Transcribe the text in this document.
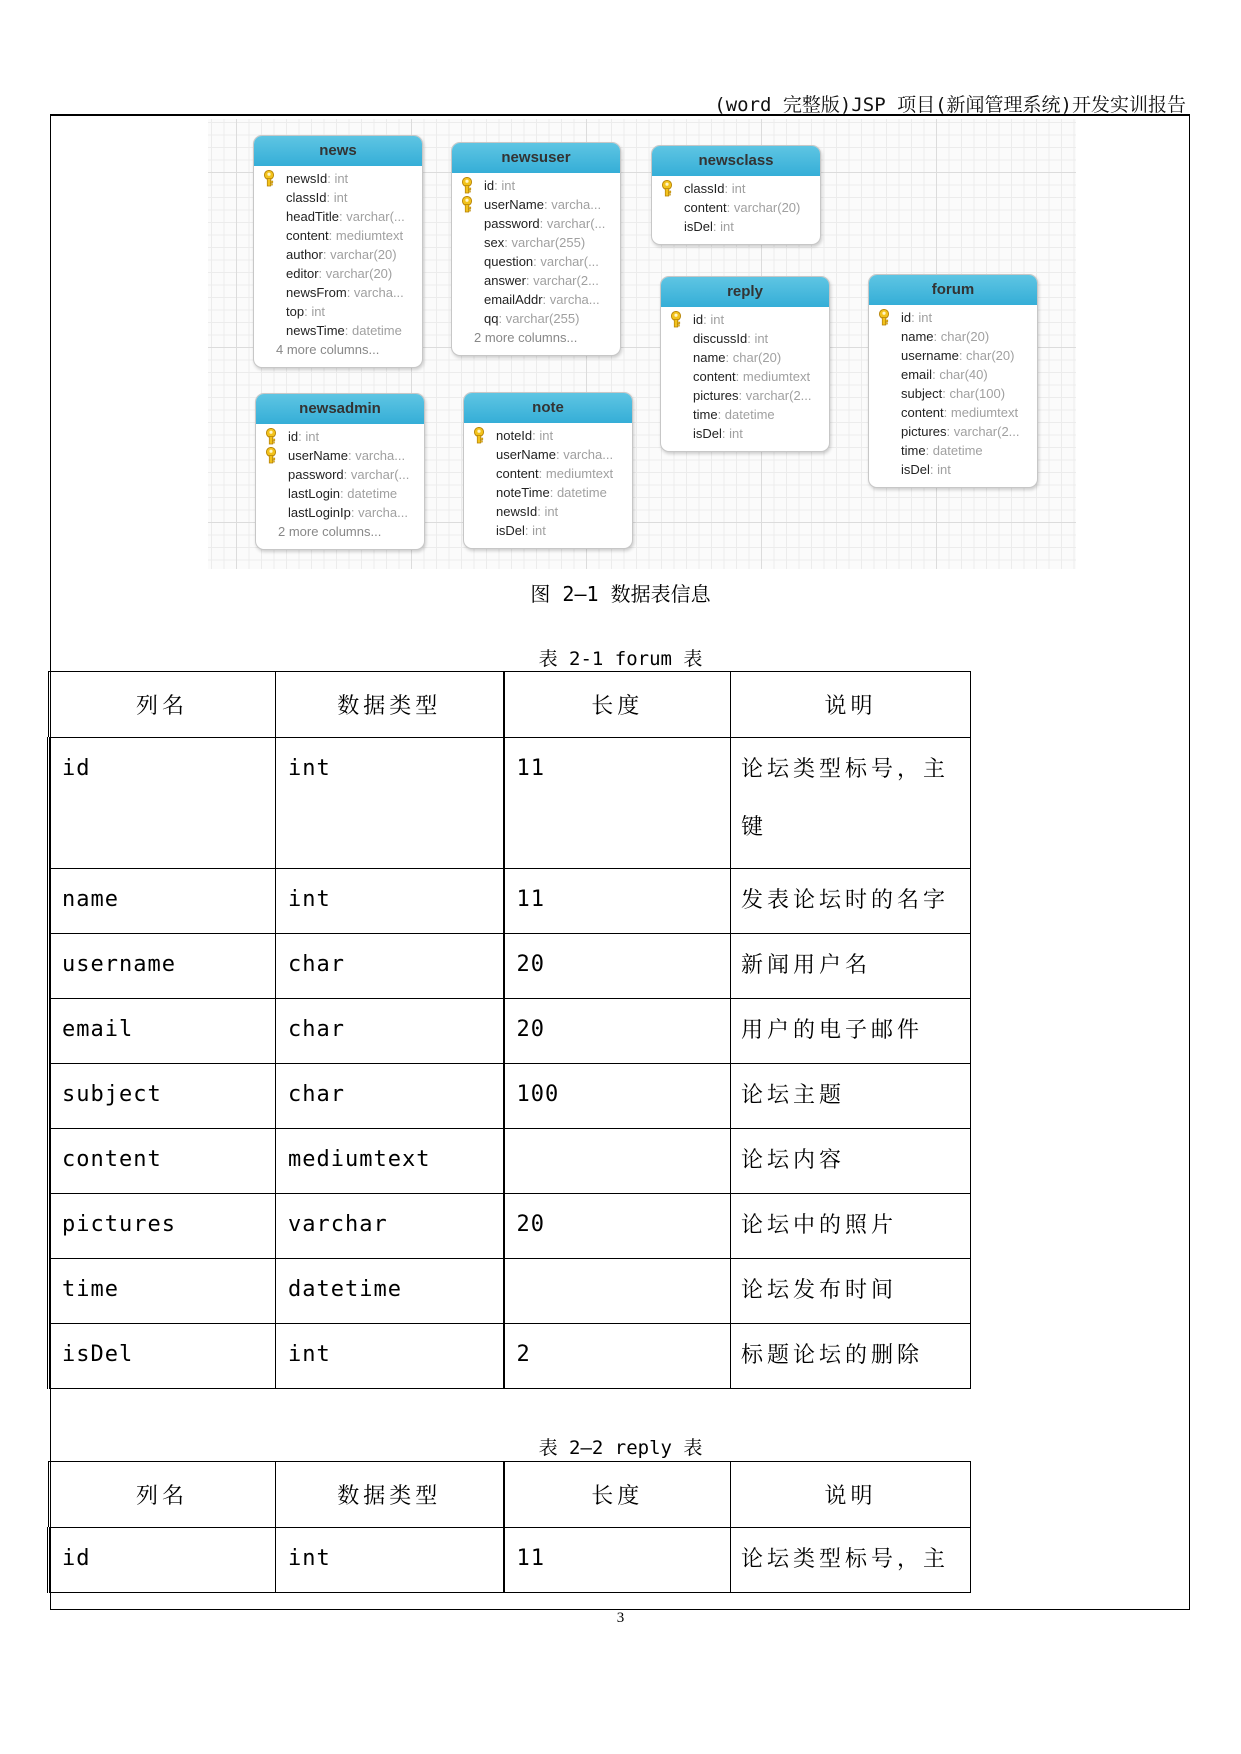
(word 完整版)JSP 项目(新闻管理系统)开发实训报告
news
newsId: int
classId: int
headTitle: varchar(...
content: mediumtext
author: varchar(20)
editor: varchar(20)
newsFrom: varcha...
top: int
newsTime: datetime
4 more columns...
newsuser
id: int
userName: varcha...
password: varchar(...
sex: varchar(255)
question: varchar(...
answer: varchar(2...
emailAddr: varcha...
qq: varchar(255)
2 more columns...
newsclass
classId: int
content: varchar(20)
isDel: int
reply
id: int
discussId: int
name: char(20)
content: mediumtext
pictures: varchar(2...
time: datetime
isDel: int
forum
id: int
name: char(20)
username: char(20)
email: char(40)
subject: char(100)
content: mediumtext
pictures: varchar(2...
time: datetime
isDel: int
newsadmin
id: int
userName: varcha...
password: varchar(...
lastLogin: datetime
lastLoginIp: varcha...
2 more columns...
note
noteId: int
userName: varcha...
content: mediumtext
noteTime: datetime
newsId: int
isDel: int
图 2—1 数据表信息
表 2-1 forum 表
列名	数据类型	长度	说明
id	int	11	论坛类型标号，主键
name	int	11	发表论坛时的名字
username	char	20	新闻用户名
email	char	20	用户的电子邮件
subject	char	100	论坛主题
content	mediumtext		论坛内容
pictures	varchar	20	论坛中的照片
time	datetime		论坛发布时间
isDel	int	2	标题论坛的删除
表 2—2 reply 表
列名	数据类型	长度	说明
id	int	11	论坛类型标号，主
3
